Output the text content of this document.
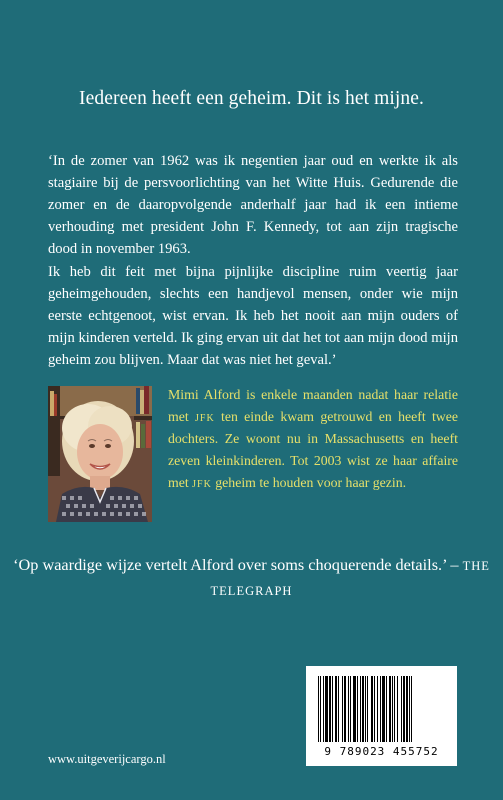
Iedereen heeft een geheim. Dit is het mijne.

‘In de zomer van 1962 was ik negentien jaar oud en werkte ik als stagiaire bij de persvoorlichting van het Witte Huis. Gedurende die zomer en de daaropvolgende anderhalf jaar had ik een intieme verhouding met president John F. Kennedy, tot aan zijn tragische dood in november 1963.

Ik heb dit feit met bijna pijnlijke discipline ruim veertig jaar geheimgehouden, slechts een handjevol mensen, onder wie mijn eerste echtgenoot, wist ervan. Ik heb het nooit aan mijn ouders of mijn kinderen verteld. Ik ging ervan uit dat het tot aan mijn dood mijn geheim zou blijven. Maar dat was niet het geval.’

Mimi Alford is enkele maanden nadat haar relatie met jfk ten einde kwam getrouwd en heeft twee dochters. Ze woont nu in Massachusetts en heeft zeven kleinkinderen. Tot 2003 wist ze haar affaire met jfk geheim te houden voor haar gezin.

‘Op waardige wijze vertelt Alford over soms choquerende details.’ – THE TELEGRAPH

9 789023 455752
www.uitgeverijcargo.nl
